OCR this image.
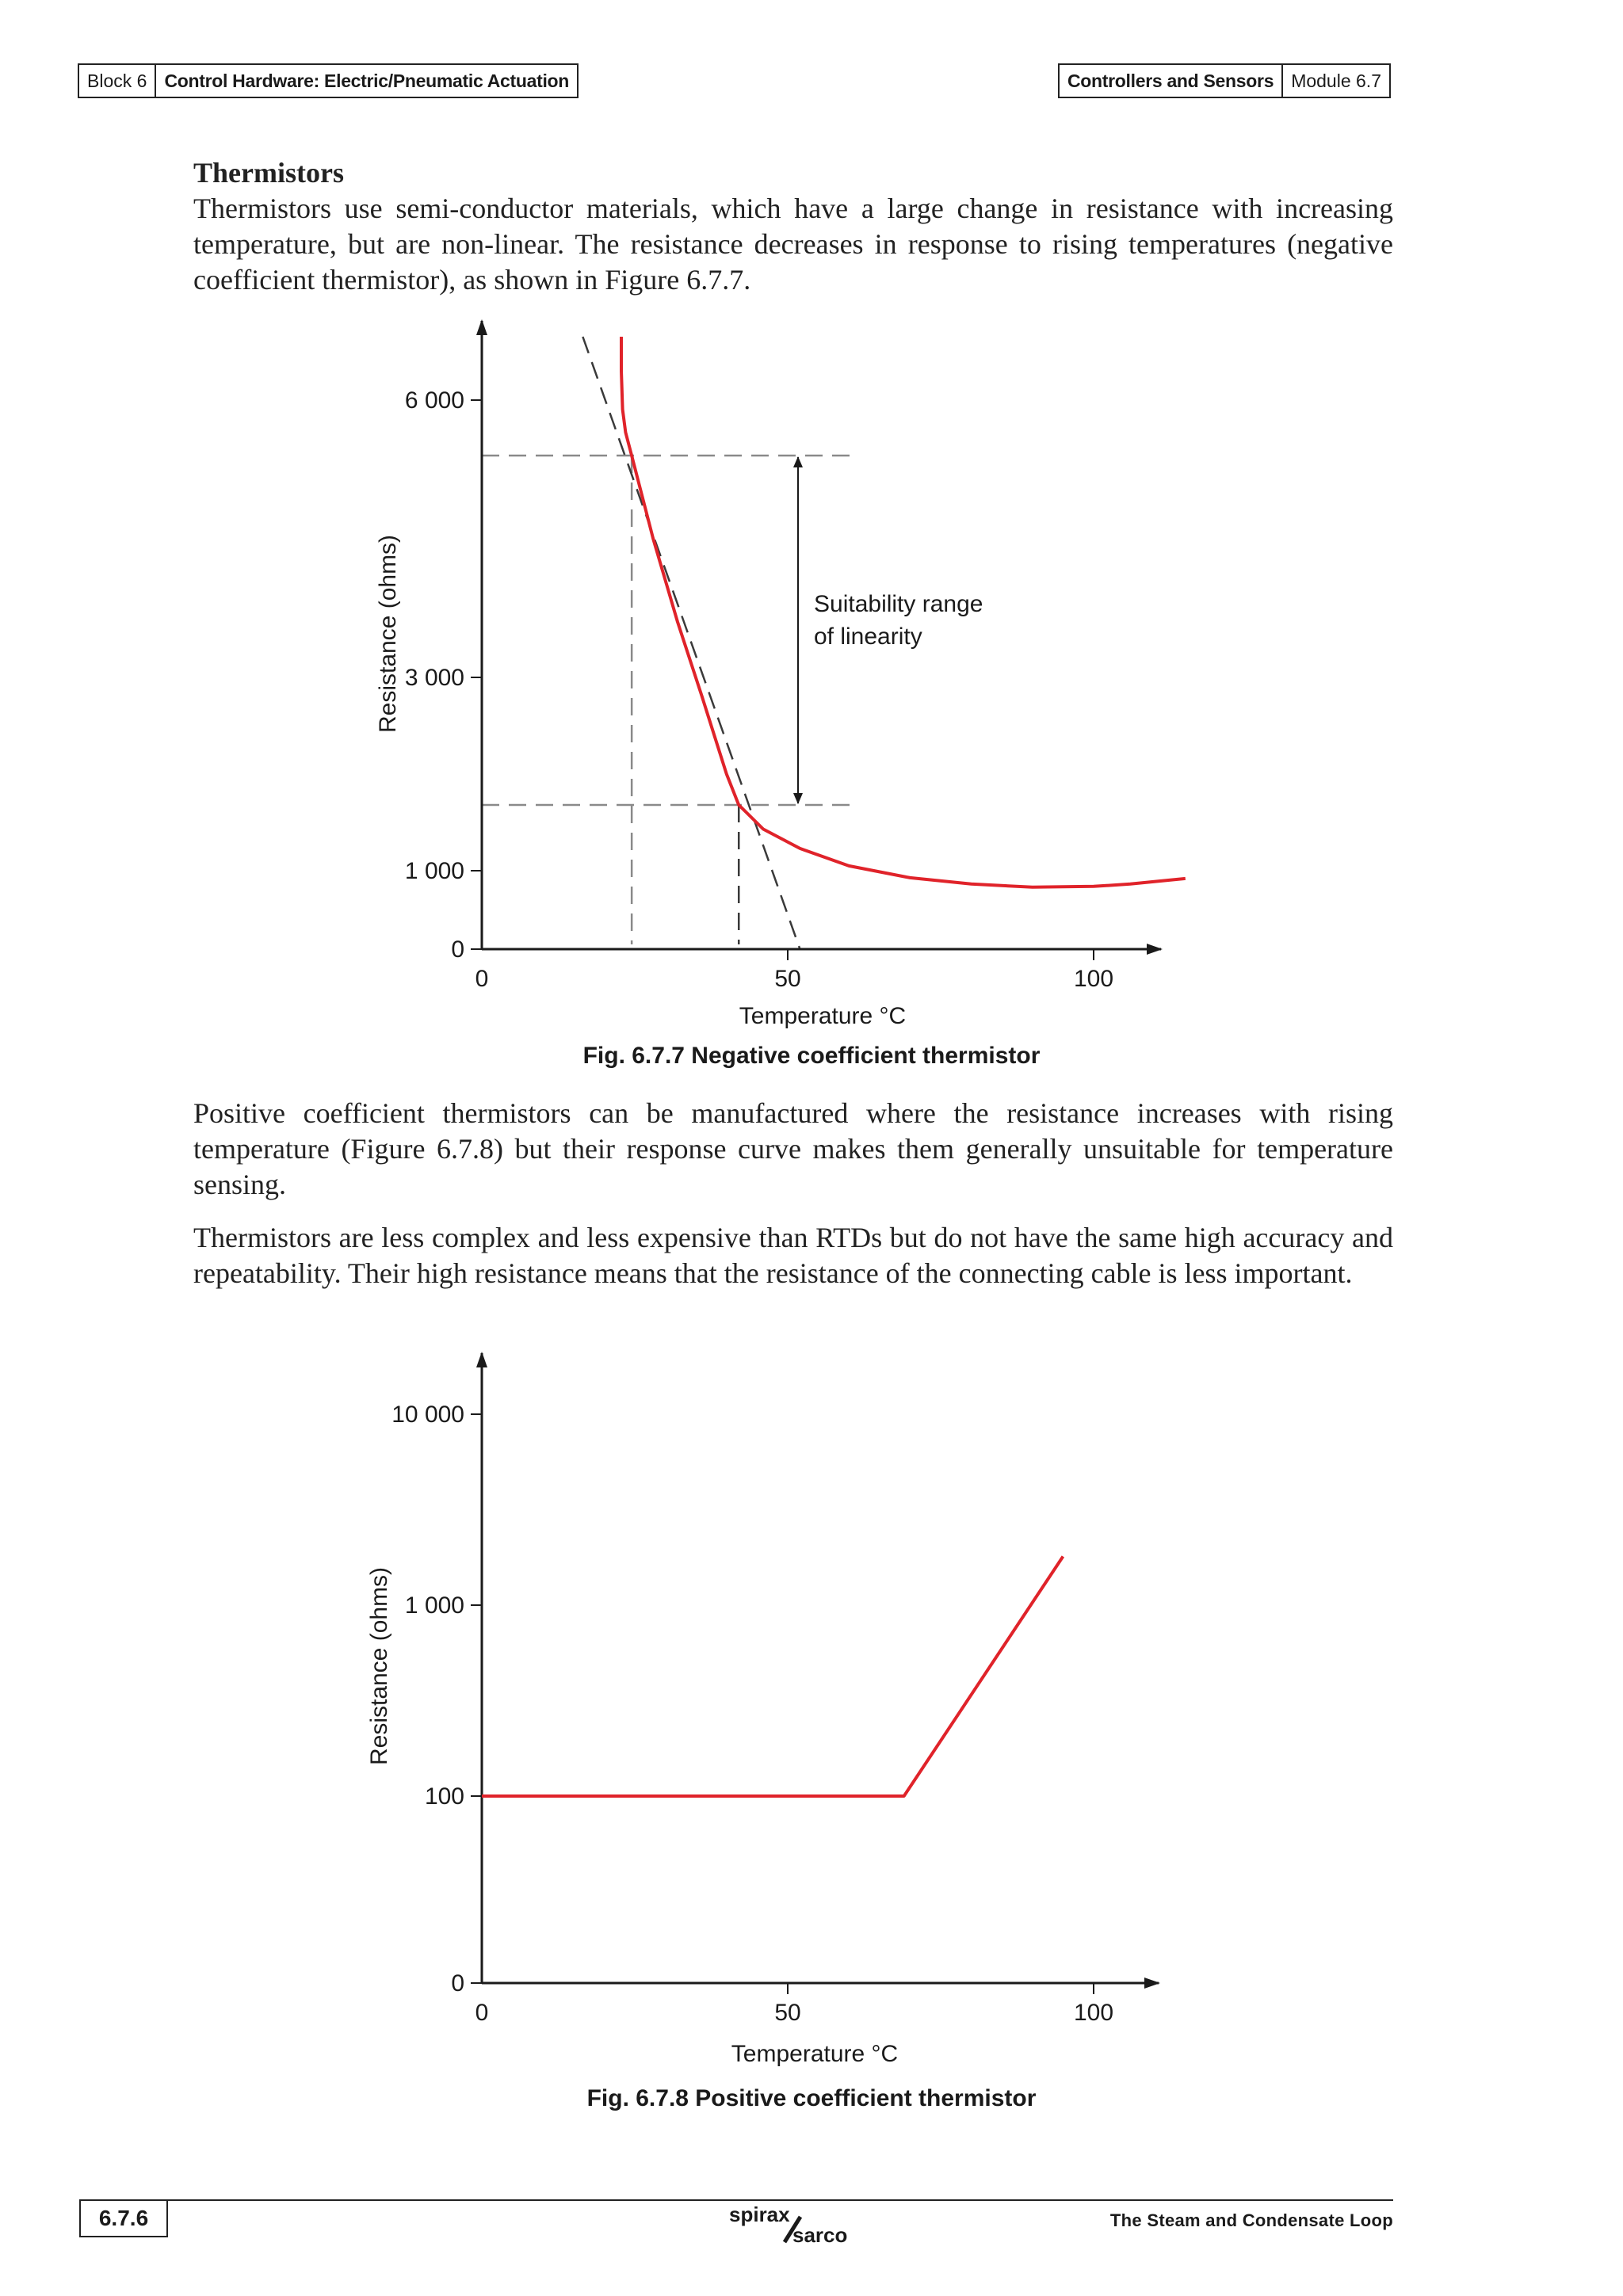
Block 6 Control Hardware: Electric/Pneumatic Actuation	Controllers and Sensors Module 6.7

Thermistors

Thermistors use semi-conductor materials, which have a large change in resistance with increasing temperature, but are non-linear. The resistance decreases in response to rising temperatures (negative coefficient thermistor), as shown in Figure 6.7.7.

0
1 000
3 000
6 000
0	50	100
Suitability range
of linearity
Temperature °C
Resistance (ohms)
Fig. 6.7.7 Negative coefficient thermistor

Positive coefficient thermistors can be manufactured where the resistance increases with rising temperature (Figure 6.7.8) but their response curve makes them generally unsuitable for temperature sensing.

Thermistors are less complex and less expensive than RTDs but do not have the same high accuracy and repeatability. Their high resistance means that the resistance of the connecting cable is less important.

0
100
1 000
10 000
0	50	100
Temperature °C
Resistance (ohms)
Fig. 6.7.8 Positive coefficient thermistor
6.7.6	spirax
sarco
The Steam and Condensate Loop
